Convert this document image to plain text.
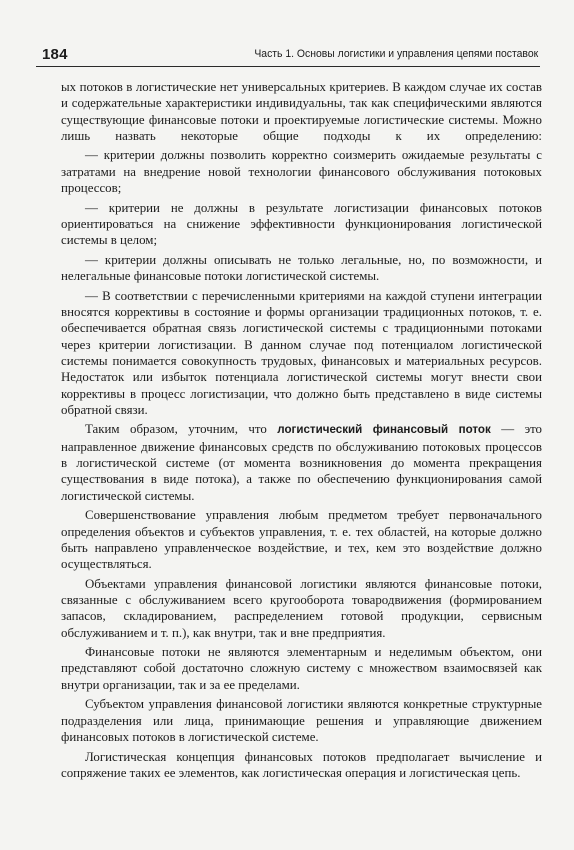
184	Часть 1. Основы логистики и управления цепями поставок

ых потоков в логистические нет универсальных критериев. В каждом случае их состав и содержательные характеристики индивидуальны, так как специфическими являются существующие финансовые потоки и проектируемые логистические системы. Можно лишь назвать некоторые общие подходы к их определению:

— критерии должны позволить корректно соизмерить ожидаемые результаты с затратами на внедрение новой технологии финансового обслуживания потоковых процессов;

— критерии не должны в результате логистизации финансовых потоков ориентироваться на снижение эффективности функционирования логистической системы в целом;

— критерии должны описывать не только легальные, но, по возможности, и нелегальные финансовые потоки логистической системы.

— В соответствии с перечисленными критериями на каждой ступени интеграции вносятся коррективы в состояние и формы организации традиционных потоков, т. е. обеспечивается обратная связь логистической системы с традиционными потоками через критерии логистизации. В данном случае под потенциалом логистической системы понимается совокупность трудовых, финансовых и материальных ресурсов. Недостаток или избыток потенциала логистической системы могут внести свои коррективы в процесс логистизации, что должно быть представлено в виде системы обратной связи.

Таким образом, уточним, что логистический финансовый поток — это направленное движение финансовых средств по обслуживанию потоковых процессов в логистической системе (от момента возникновения до момента прекращения существования в виде потока), а также по обеспечению функционирования самой логистической системы.

Совершенствование управления любым предметом требует первоначального определения объектов и субъектов управления, т. е. тех областей, на которые должно быть направлено управленческое воздействие, и тех, кем это воздействие должно осуществляться.

Объектами управления финансовой логистики являются финансовые потоки, связанные с обслуживанием всего кругооборота товародвижения (формированием запасов, складированием, распределением готовой продукции, сервисным обслуживанием и т. п.), как внутри, так и вне предприятия.

Финансовые потоки не являются элементарным и неделимым объектом, они представляют собой достаточно сложную систему с множеством взаимосвязей как внутри организации, так и за ее пределами.

Субъектом управления финансовой логистики являются конкретные структурные подразделения или лица, принимающие решения и управляющие движением финансовых потоков в логистической системе.

Логистическая концепция финансовых потоков предполагает вычисление и сопряжение таких ее элементов, как логистическая операция и логистическая цепь.
